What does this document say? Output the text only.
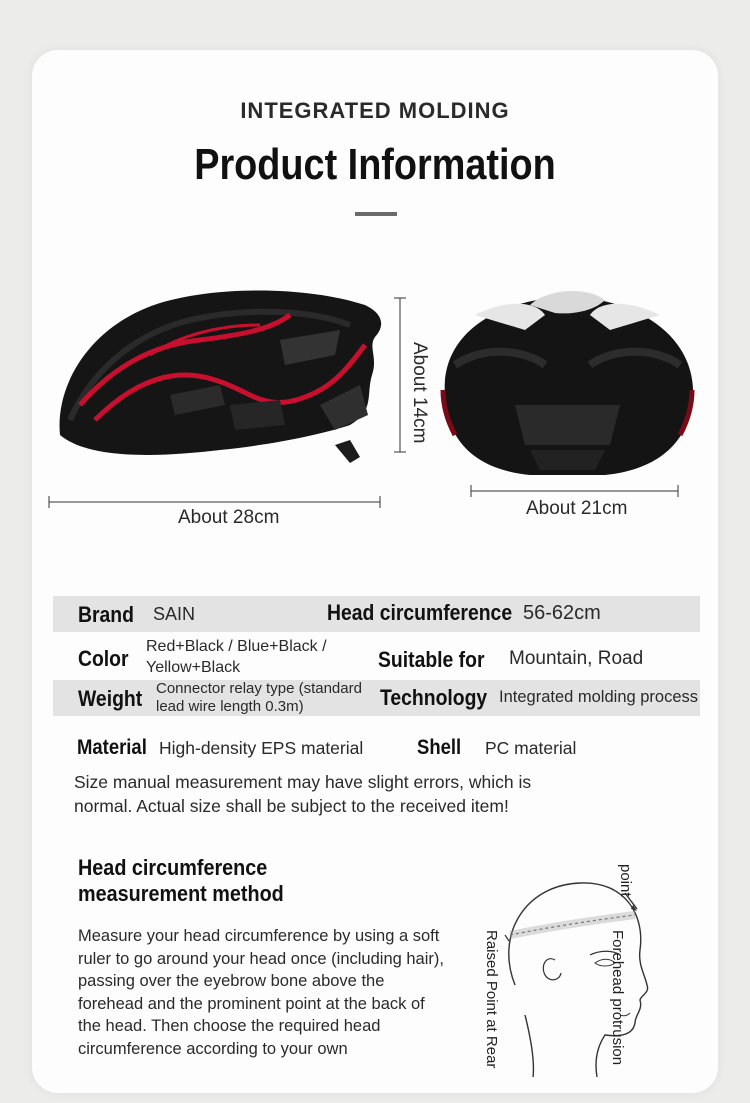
INTEGRATED MOLDING
Product Information
About 14cm
About 28cm	About 21cm
Brand SAIN	Head circumference 56-62cm
Color Red+Black / Blue+Black /
Yellow+Black	Suitable for Mountain, Road
Weight Connector relay type (standard
lead wire length 0.3m)	Technology Integrated molding process
Material High-density EPS material	Shell PC material
Size manual measurement may have slight errors, which is
normal. Actual size shall be subject to the received item!
Head circumference
measurement method
Measure your head circumference by using a soft ruler to go around your head once (including hair), passing over the eyebrow bone above the forehead and the prominent point at the back of the head. Then choose the required head circumference according to your own	Forehead protrusion
point
Raised Point at Rear
